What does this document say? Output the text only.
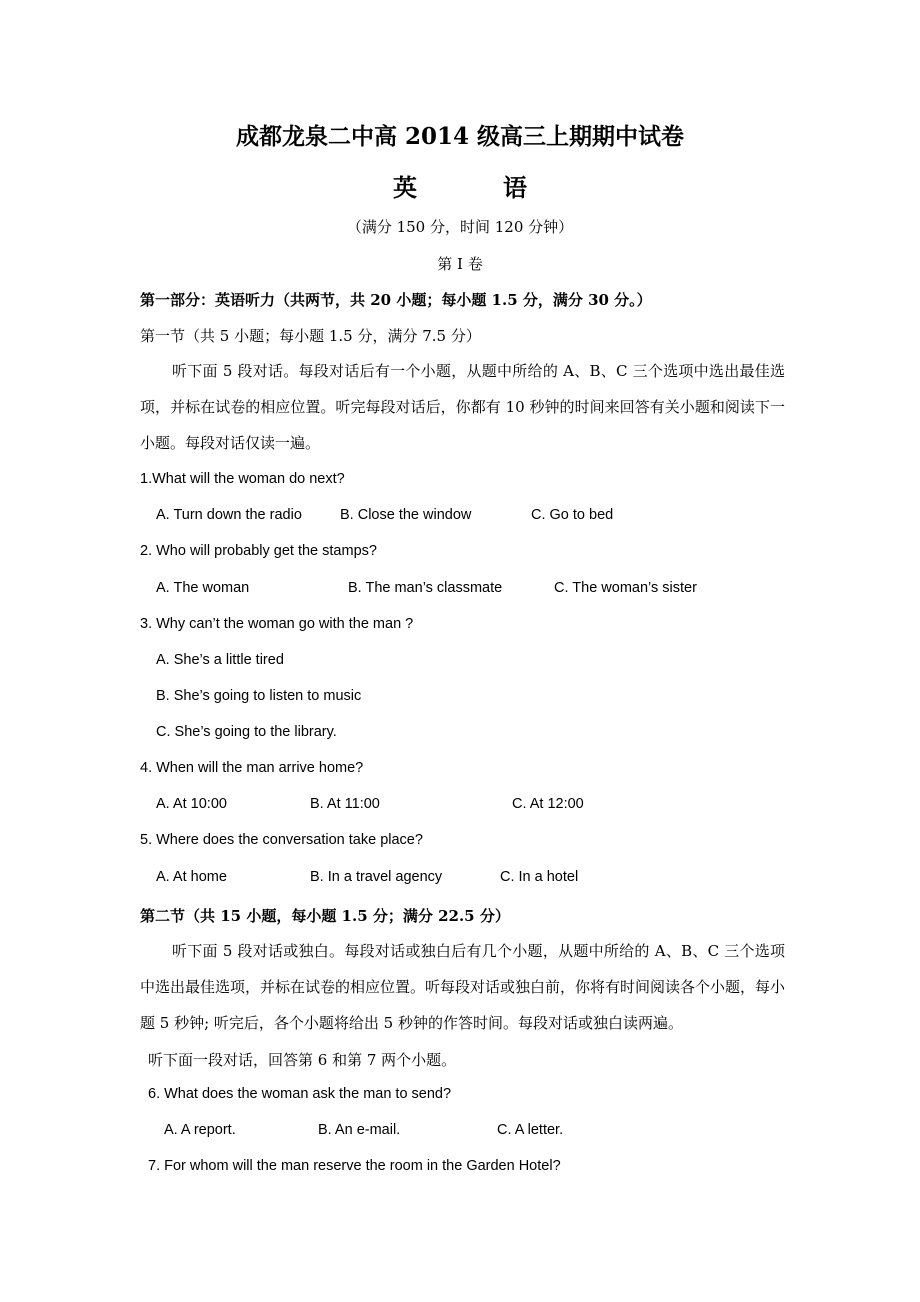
成都龙泉二中高 2014 级高三上期期中试卷
英	语
（满分 150 分，时间 120 分钟）
第 I 卷
第一部分：英语听力（共两节，共 20 小题；每小题 1.5 分，满分 30 分。）
第一节（共 5 小题；每小题 1.5 分，满分 7.5 分）
听下面 5 段对话。每段对话后有一个小题，从题中所给的 A、B、C 三个选项中选出最佳选项，并标在试卷的相应位置。听完每段对话后，你都有 10 秒钟的时间来回答有关小题和阅读下一小题。每段对话仅读一遍。
1.What will the woman do next?
A. Turn down the radio	B. Close the window	C. Go to bed
2. Who will probably get the stamps?
A. The woman	B. The man’s classmate	C. The woman’s sister
3. Why can’t the woman go with the man ?
A. She’s a little tired
B. She’s going to listen to music
C. She’s going to the library.
4. When will the man arrive home?
A. At 10:00	B. At 11:00	C. At 12:00
5. Where does the conversation take place?
A. At home	B. In a travel agency	C. In a hotel
第二节（共 15 小题，每小题 1.5 分；满分 22.5 分）
听下面 5 段对话或独白。每段对话或独白后有几个小题，从题中所给的 A、B、C 三个选项中选出最佳选项，并标在试卷的相应位置。听每段对话或独白前，你将有时间阅读各个小题，每小题 5 秒钟; 听完后，各个小题将给出 5 秒钟的作答时间。每段对话或独白读两遍。
听下面一段对话，回答第 6 和第 7 两个小题。
6. What does the woman ask the man to send?
A. A report.	B. An e-mail.	C. A letter.
7. For whom will the man reserve the room in the Garden Hotel?
